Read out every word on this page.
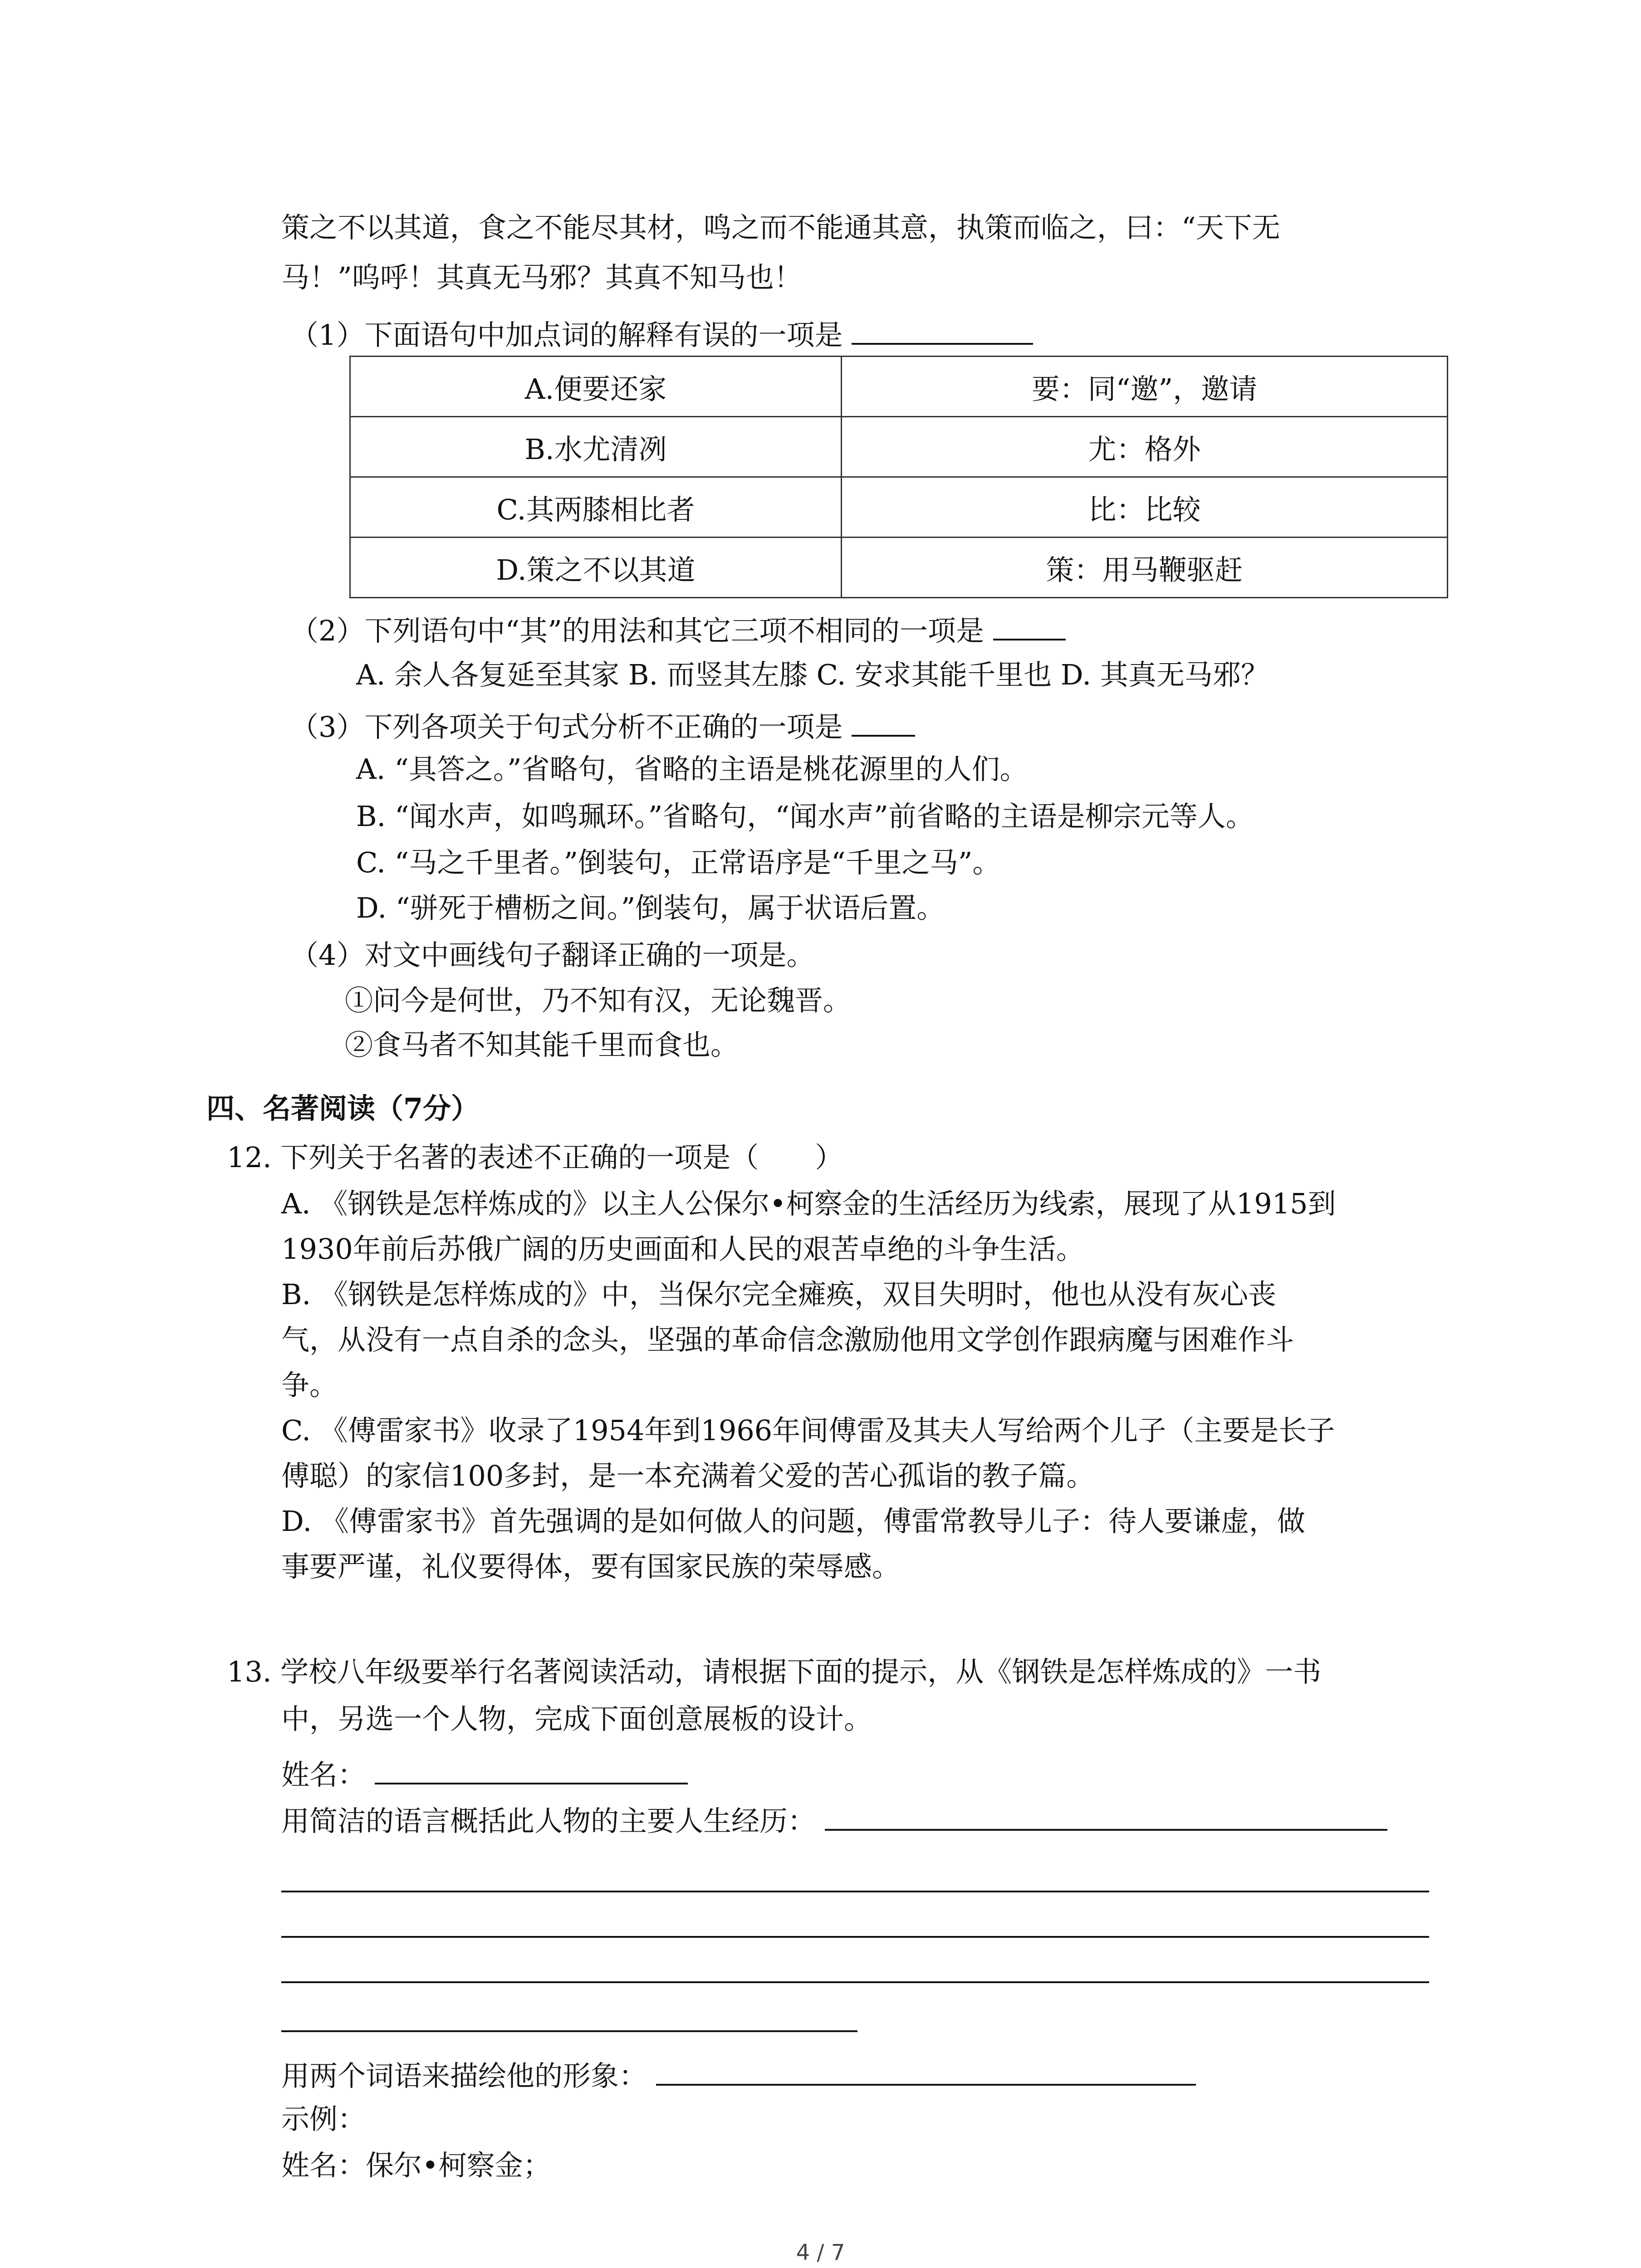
策之不以其道，食之不能尽其材，鸣之而不能通其意，执策而临之，曰：“天下无
马！”呜呼！其真无马邪？其真不知马也！
（1）下面语句中加点词的解释有误的一项是
A.便要还家	要：同“邀”，邀请
B.水尤清冽	尤：格外
C.其两膝相比者	比：比较
D.策之不以其道	策：用马鞭驱赶
（2）下列语句中“其”的用法和其它三项不相同的一项是
A. 余人各复延至其家 B. 而竖其左膝 C. 安求其能千里也 D. 其真无马邪？
（3）下列各项关于句式分析不正确的一项是
A. “具答之。”省略句，省略的主语是桃花源里的人们。
B. “闻水声，如鸣珮环。”省略句，“闻水声”前省略的主语是柳宗元等人。
C. “马之千里者。”倒装句，正常语序是“千里之马”。
D. “骈死于槽枥之间。”倒装句，属于状语后置。
（4）对文中画线句子翻译正确的一项是。
①问今是何世，乃不知有汉，无论魏晋。
②食马者不知其能千里而食也。
四、名著阅读（7分）
12. 下列关于名著的表述不正确的一项是（　　）
A. 《钢铁是怎样炼成的》以主人公保尔•柯察金的生活经历为线索，展现了从1915到
1930年前后苏俄广阔的历史画面和人民的艰苦卓绝的斗争生活。
B. 《钢铁是怎样炼成的》中，当保尔完全瘫痪，双目失明时，他也从没有灰心丧
气，从没有一点自杀的念头，坚强的革命信念激励他用文学创作跟病魔与困难作斗
争。
C. 《傅雷家书》收录了1954年到1966年间傅雷及其夫人写给两个儿子（主要是长子
傅聪）的家信100多封，是一本充满着父爱的苦心孤诣的教子篇。
D. 《傅雷家书》首先强调的是如何做人的问题，傅雷常教导儿子：待人要谦虚，做
事要严谨，礼仪要得体，要有国家民族的荣辱感。
13. 学校八年级要举行名著阅读活动，请根据下面的提示，从《钢铁是怎样炼成的》一书
中，另选一个人物，完成下面创意展板的设计。
姓名：
用简洁的语言概括此人物的主要人生经历：
用两个词语来描绘他的形象：
示例：
姓名：保尔•柯察金；
4 / 7
